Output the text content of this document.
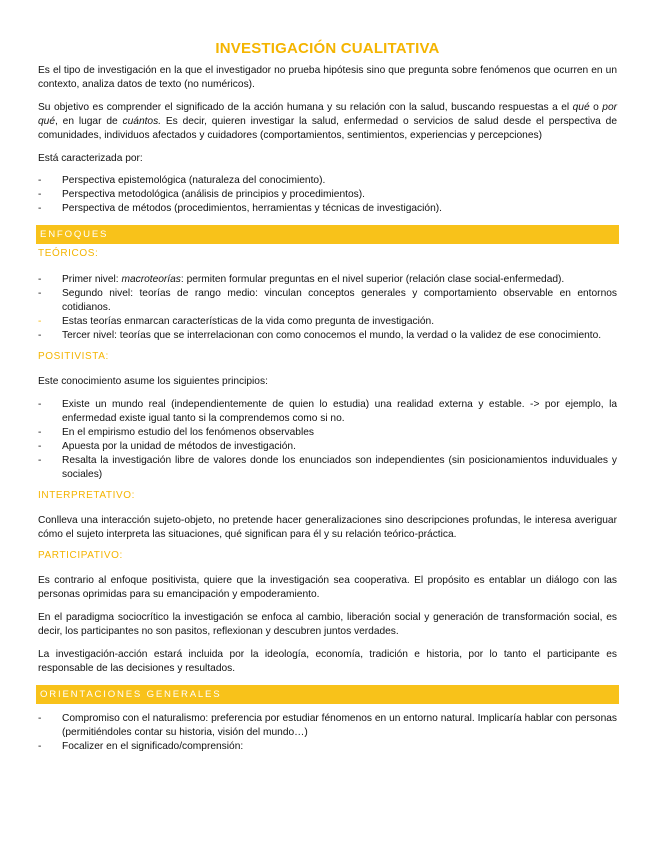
INVESTIGACIÓN CUALITATIVA

Es el tipo de investigación en la que el investigador no prueba hipótesis sino que pregunta sobre fenómenos que ocurren en un contexto, analiza datos de texto (no numéricos).

Su objetivo es comprender el significado de la acción humana y su relación con la salud, buscando respuestas a el qué o por qué, en lugar de cuántos. Es decir, quieren investigar la salud, enfermedad o servicios de salud desde el perspectiva de comunidades, individuos afectados y cuidadores (comportamientos, sentimientos, experiencias y percepciones)

Está caracterizada por:

- Perspectiva epistemológica (naturaleza del conocimiento).
- Perspectiva metodológica (análisis de principios y procedimientos).
- Perspectiva de métodos (procedimientos, herramientas y técnicas de investigación).
ENFOQUES

TEÓRICOS:

- Primer nivel: macroteorías: permiten formular preguntas en el nivel superior (relación clase social-enfermedad).
- Segundo nivel: teorías de rango medio: vinculan conceptos generales y comportamiento observable en entornos cotidianos.
- Estas teorías enmarcan características de la vida como pregunta de investigación.
- Tercer nivel: teorías que se interrelacionan con como conocemos el mundo, la verdad o la validez de ese conocimiento.

POSITIVISTA:

Este conocimiento asume los siguientes principios:

- Existe un mundo real (independientemente de quien lo estudia) una realidad externa y estable. -> por ejemplo, la enfermedad existe igual tanto si la comprendemos como si no.
- En el empirismo estudio del los fenómenos observables
- Apuesta por la unidad de métodos de investigación.
- Resalta la investigación libre de valores donde los enunciados son independientes (sin posicionamientos induviduales y sociales)

INTERPRETATIVO:

Conlleva una interacción sujeto-objeto, no pretende hacer generalizaciones sino descripciones profundas, le interesa averiguar cómo el sujeto interpreta las situaciones, qué significan para él y su relación teórico-práctica.

PARTICIPATIVO:

Es contrario al enfoque positivista, quiere que la investigación sea cooperativa. El propósito es entablar un diálogo con las personas oprimidas para su emancipación y empoderamiento.

En el paradigma sociocrítico la investigación se enfoca al cambio, liberación social y generación de transformación social, es decir, los participantes no son pasitos, reflexionan y descubren juntos verdades.

La investigación-acción estará incluida por la ideología, economía, tradición e historia, por lo tanto el participante es responsable de las decisiones y resultados.

ORIENTACIONES GENERALES
- Compromiso con el naturalismo: preferencia por estudiar fénomenos en un entorno natural. Implicaría hablar con personas (permitiéndoles contar su historia, visión del mundo…)
- Focalizer en el significado/comprensión:
